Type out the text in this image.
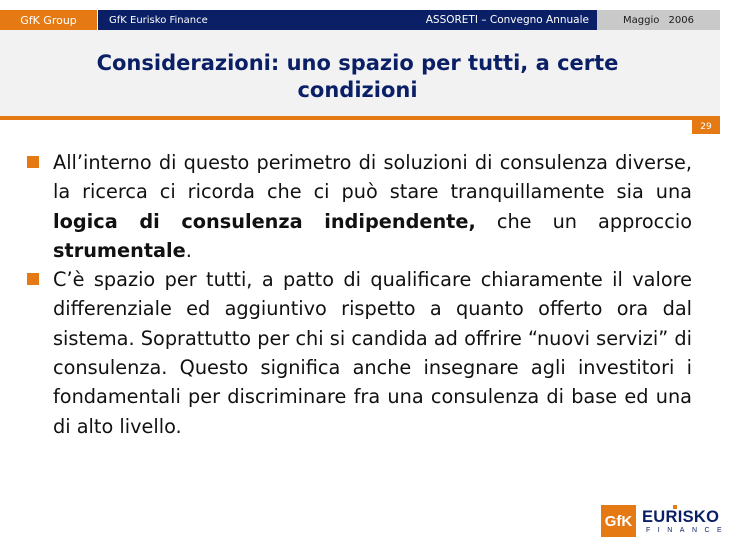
GfK Group	GfK Eurisko Finance	ASSORETI – Convegno Annuale	Maggio 2006
Considerazioni: uno spazio per tutti, a certe
condizioni
29
All’interno di questo perimetro di soluzioni di consulenza diverse, la ricerca ci ricorda che ci può stare tranquillamente sia una logica di consulenza indipendente, che un approccio strumentale.
C’è spazio per tutti, a patto di qualificare chiaramente il valore differenziale ed aggiuntivo rispetto a quanto offerto ora dal sistema. Soprattutto per chi si candida ad offrire “nuovi servizi” di consulenza. Questo significa anche insegnare agli investitori i fondamentali per discriminare fra una consulenza di base ed una di alto livello.
GfK EURISKO
FINANCE
